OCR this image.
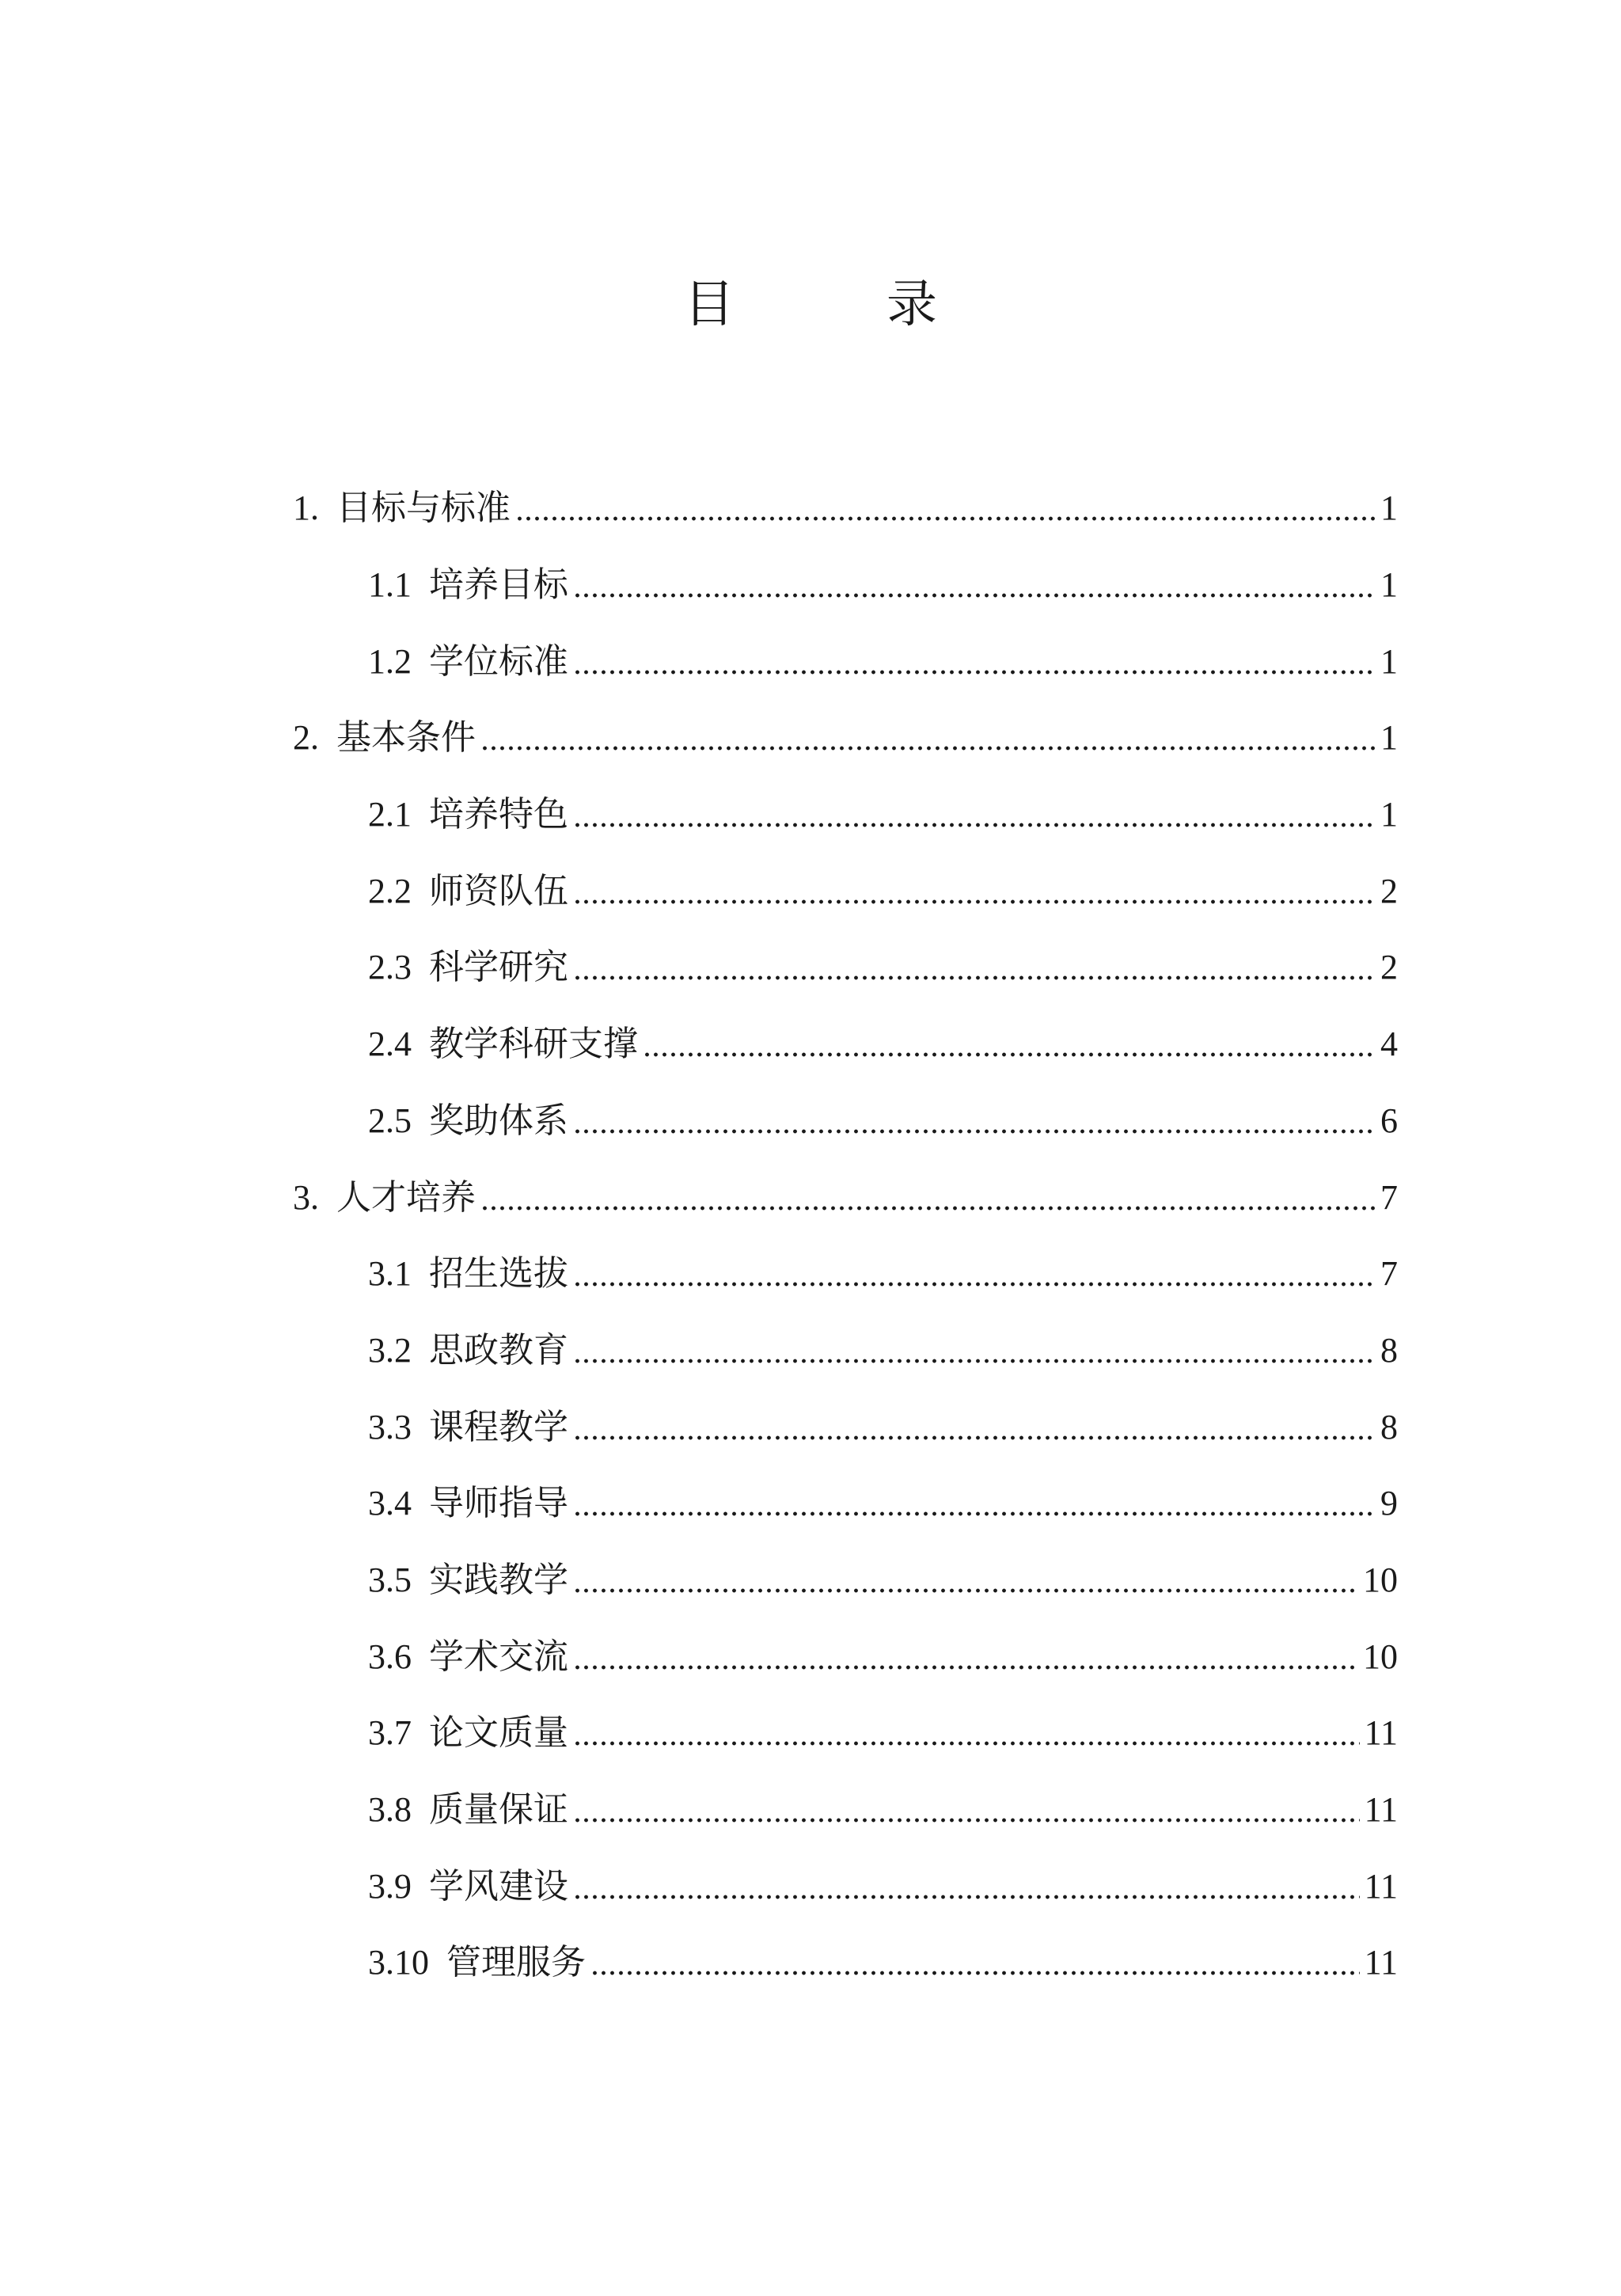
目　录
1. 目标与标准	1
1.1 培养目标	1
1.2 学位标准	1
2. 基本条件	1
2.1 培养特色	1
2.2 师资队伍	2
2.3 科学研究	2
2.4 教学科研支撑	4
2.5 奖助体系	6
3. 人才培养	7
3.1 招生选拔	7
3.2 思政教育	8
3.3 课程教学	8
3.4 导师指导	9
3.5 实践教学	10
3.6 学术交流	10
3.7 论文质量	11
3.8 质量保证	11
3.9 学风建设	11
3.10 管理服务	11
